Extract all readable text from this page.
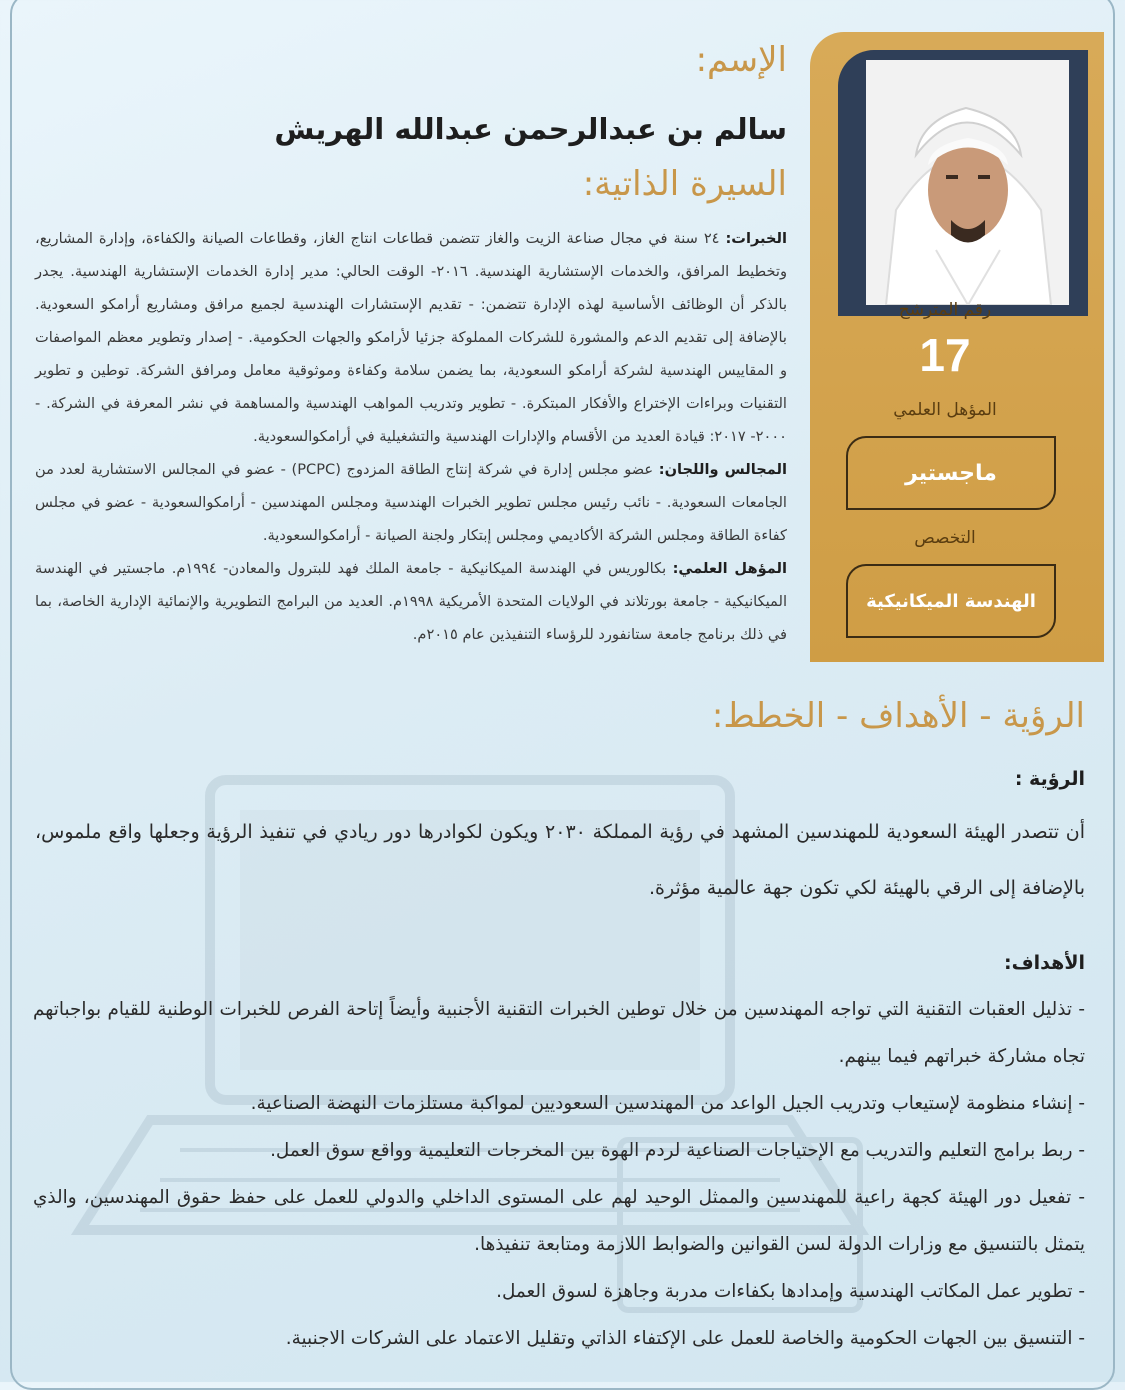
رقم المترشح
17
المؤهل العلمي
ماجستير
التخصص
الهندسة الميكانيكية
الإسم:
سالم بن عبدالرحمن عبدالله الهريش
السيرة الذاتية:

الخبرات: ٢٤ سنة في مجال صناعة الزيت والغاز تتضمن قطاعات انتاج الغاز، وقطاعات الصيانة والكفاءة، وإدارة المشاريع، وتخطيط المرافق، والخدمات الإستشارية الهندسية. ٢٠١٦- الوقت الحالي: مدير إدارة الخدمات الإستشارية الهندسية. يجدر بالذكر أن الوظائف الأساسية لهذه الإدارة تتضمن: - تقديم الإستشارات الهندسية لجميع مرافق ومشاريع أرامكو السعودية. بالإضافة إلى تقديم الدعم والمشورة للشركات المملوكة جزئيا لأرامكو والجهات الحكومية. - إصدار وتطوير معظم المواصفات و المقاييس الهندسية لشركة أرامكو السعودية، بما يضمن سلامة وكفاءة وموثوقية معامل ومرافق الشركة. توطين و تطوير التقنيات وبراءات الإختراع والأفكار المبتكرة. - تطوير وتدريب المواهب الهندسية والمساهمة في نشر المعرفة في الشركة. - ٢٠٠٠- ٢٠١٧: قيادة العديد من الأقسام والإدارات الهندسية والتشغيلية في أرامكوالسعودية.

المجالس واللجان: عضو مجلس إدارة في شركة إنتاج الطاقة المزدوج (PCPC) - عضو في المجالس الاستشارية لعدد من الجامعات السعودية. - نائب رئيس مجلس تطوير الخبرات الهندسية ومجلس المهندسين - أرامكوالسعودية - عضو في مجلس كفاءة الطاقة ومجلس الشركة الأكاديمي ومجلس إبتكار ولجنة الصيانة - أرامكوالسعودية.

المؤهل العلمي: بكالوريس في الهندسة الميكانيكية - جامعة الملك فهد للبترول والمعادن- ١٩٩٤م. ماجستير في الهندسة الميكانيكية - جامعة بورتلاند في الولايات المتحدة الأمريكية ١٩٩٨م. العديد من البرامج التطويرية والإنمائية الإدارية الخاصة، بما في ذلك برنامج جامعة ستانفورد للرؤساء التنفيذين عام ٢٠١٥م.

الرؤية - الأهداف - الخطط:
الرؤية :
أن تتصدر الهيئة السعودية للمهندسين المشهد في رؤية المملكة ٢٠٣٠ ويكون لكوادرها دور ريادي في تنفيذ الرؤية وجعلها واقع ملموس، بالإضافة إلى الرقي بالهيئة لكي تكون جهة عالمية مؤثرة.
الأهداف:
- تذليل العقبات التقنية التي تواجه المهندسين من خلال توطين الخبرات التقنية الأجنبية وأيضاً إتاحة الفرص للخبرات الوطنية للقيام بواجباتهم تجاه مشاركة خبراتهم فيما بينهم.
- إنشاء منظومة لإستيعاب وتدريب الجيل الواعد من المهندسين السعوديين لمواكبة مستلزمات النهضة الصناعية.
- ربط برامج التعليم والتدريب مع الإحتياجات الصناعية لردم الهوة بين المخرجات التعليمية وواقع سوق العمل.
- تفعيل دور الهيئة كجهة راعية للمهندسين والممثل الوحيد لهم على المستوى الداخلي والدولي للعمل على حفظ حقوق المهندسين، والذي يتمثل بالتنسيق مع وزارات الدولة لسن القوانين والضوابط اللازمة ومتابعة تنفيذها.
- تطوير عمل المكاتب الهندسية وإمدادها بكفاءات مدربة وجاهزة لسوق العمل.
- التنسيق بين الجهات الحكومية والخاصة للعمل على الإكتفاء الذاتي وتقليل الاعتماد على الشركات الاجنبية.
